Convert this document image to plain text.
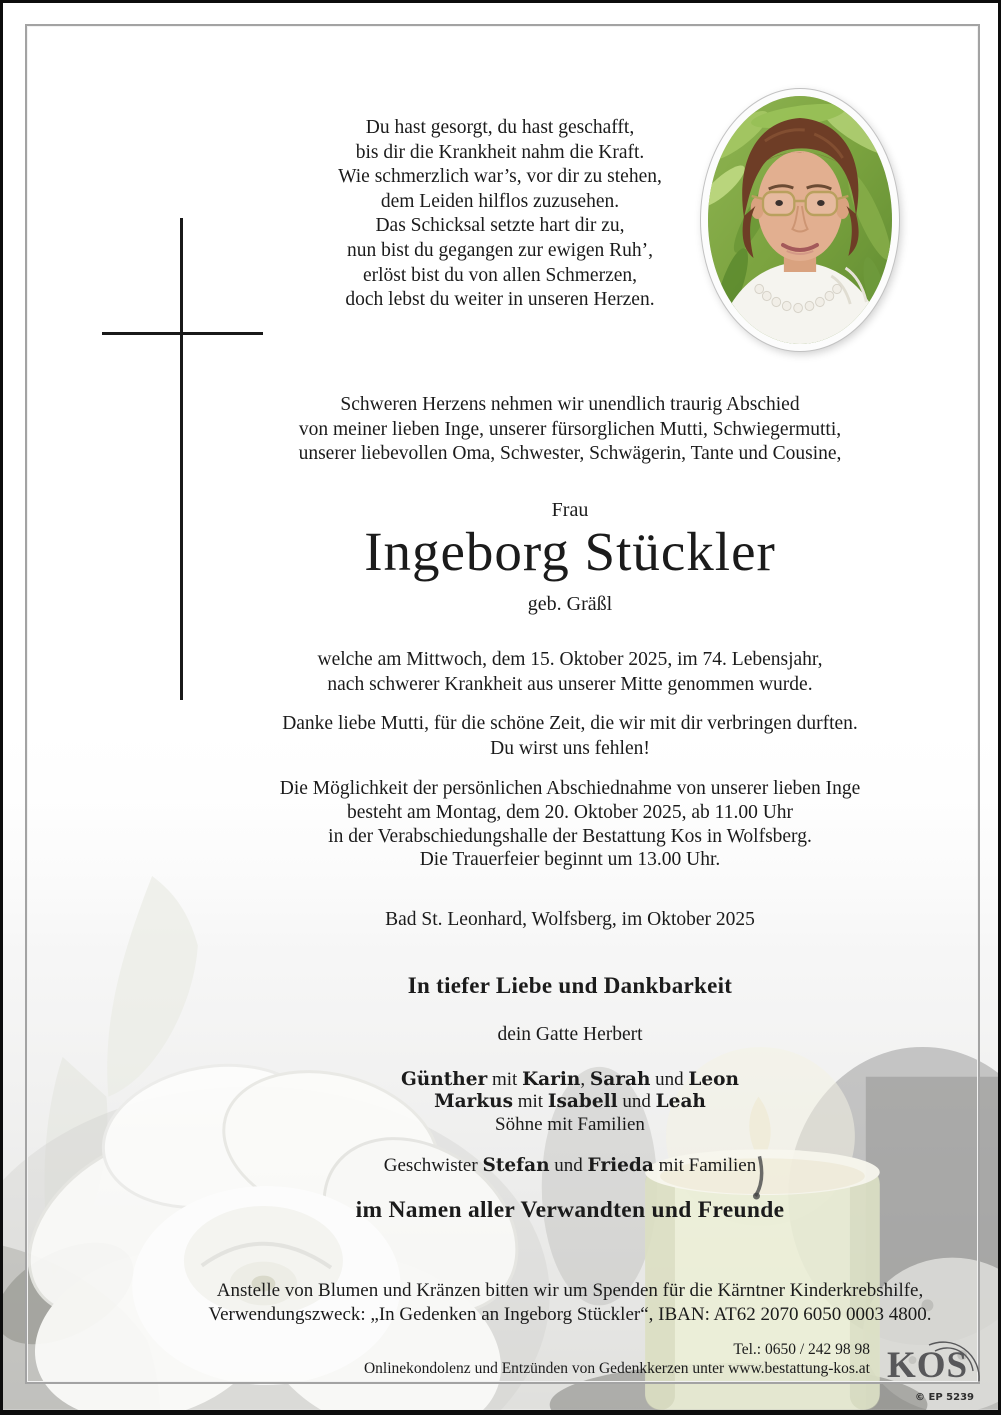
Du hast gesorgt, du hast geschafft,
bis dir die Krankheit nahm die Kraft.
Wie schmerzlich war’s, vor dir zu stehen,
dem Leiden hilflos zuzusehen.
Das Schicksal setzte hart dir zu,
nun bist du gegangen zur ewigen Ruh’,
erlöst bist du von allen Schmerzen,
doch lebst du weiter in unseren Herzen.
Schweren Herzens nehmen wir unendlich traurig Abschied
von meiner lieben Inge, unserer fürsorglichen Mutti, Schwiegermutti,
unserer liebevollen Oma, Schwester, Schwägerin, Tante und Cousine,
Frau
Ingeborg Stückler
geb. Gräßl
welche am Mittwoch, dem 15. Oktober 2025, im 74. Lebensjahr,
nach schwerer Krankheit aus unserer Mitte genommen wurde.
Danke liebe Mutti, für die schöne Zeit, die wir mit dir verbringen durften.
Du wirst uns fehlen!
Die Möglichkeit der persönlichen Abschiednahme von unserer lieben Inge
besteht am Montag, dem 20. Oktober 2025, ab 11.00 Uhr
in der Verabschiedungshalle der Bestattung Kos in Wolfsberg.
Die Trauerfeier beginnt um 13.00 Uhr.
Bad St. Leonhard, Wolfsberg, im Oktober 2025
In tiefer Liebe und Dankbarkeit
dein Gatte Herbert
Günther mit Karin, Sarah und Leon
Markus mit Isabell und Leah
Söhne mit Familien
Geschwister Stefan und Frieda mit Familien
im Namen aller Verwandten und Freunde
Anstelle von Blumen und Kränzen bitten wir um Spenden für die Kärntner Kinderkrebshilfe,
Verwendungszweck: „In Gedenken an Ingeborg Stückler“, IBAN: AT62 2070 6050 0003 4800.
Tel.: 0650 / 242 98 98
Onlinekondolenz und Entzünden von Gedenkkerzen unter www.bestattung-kos.at KOS
© EP 5239
